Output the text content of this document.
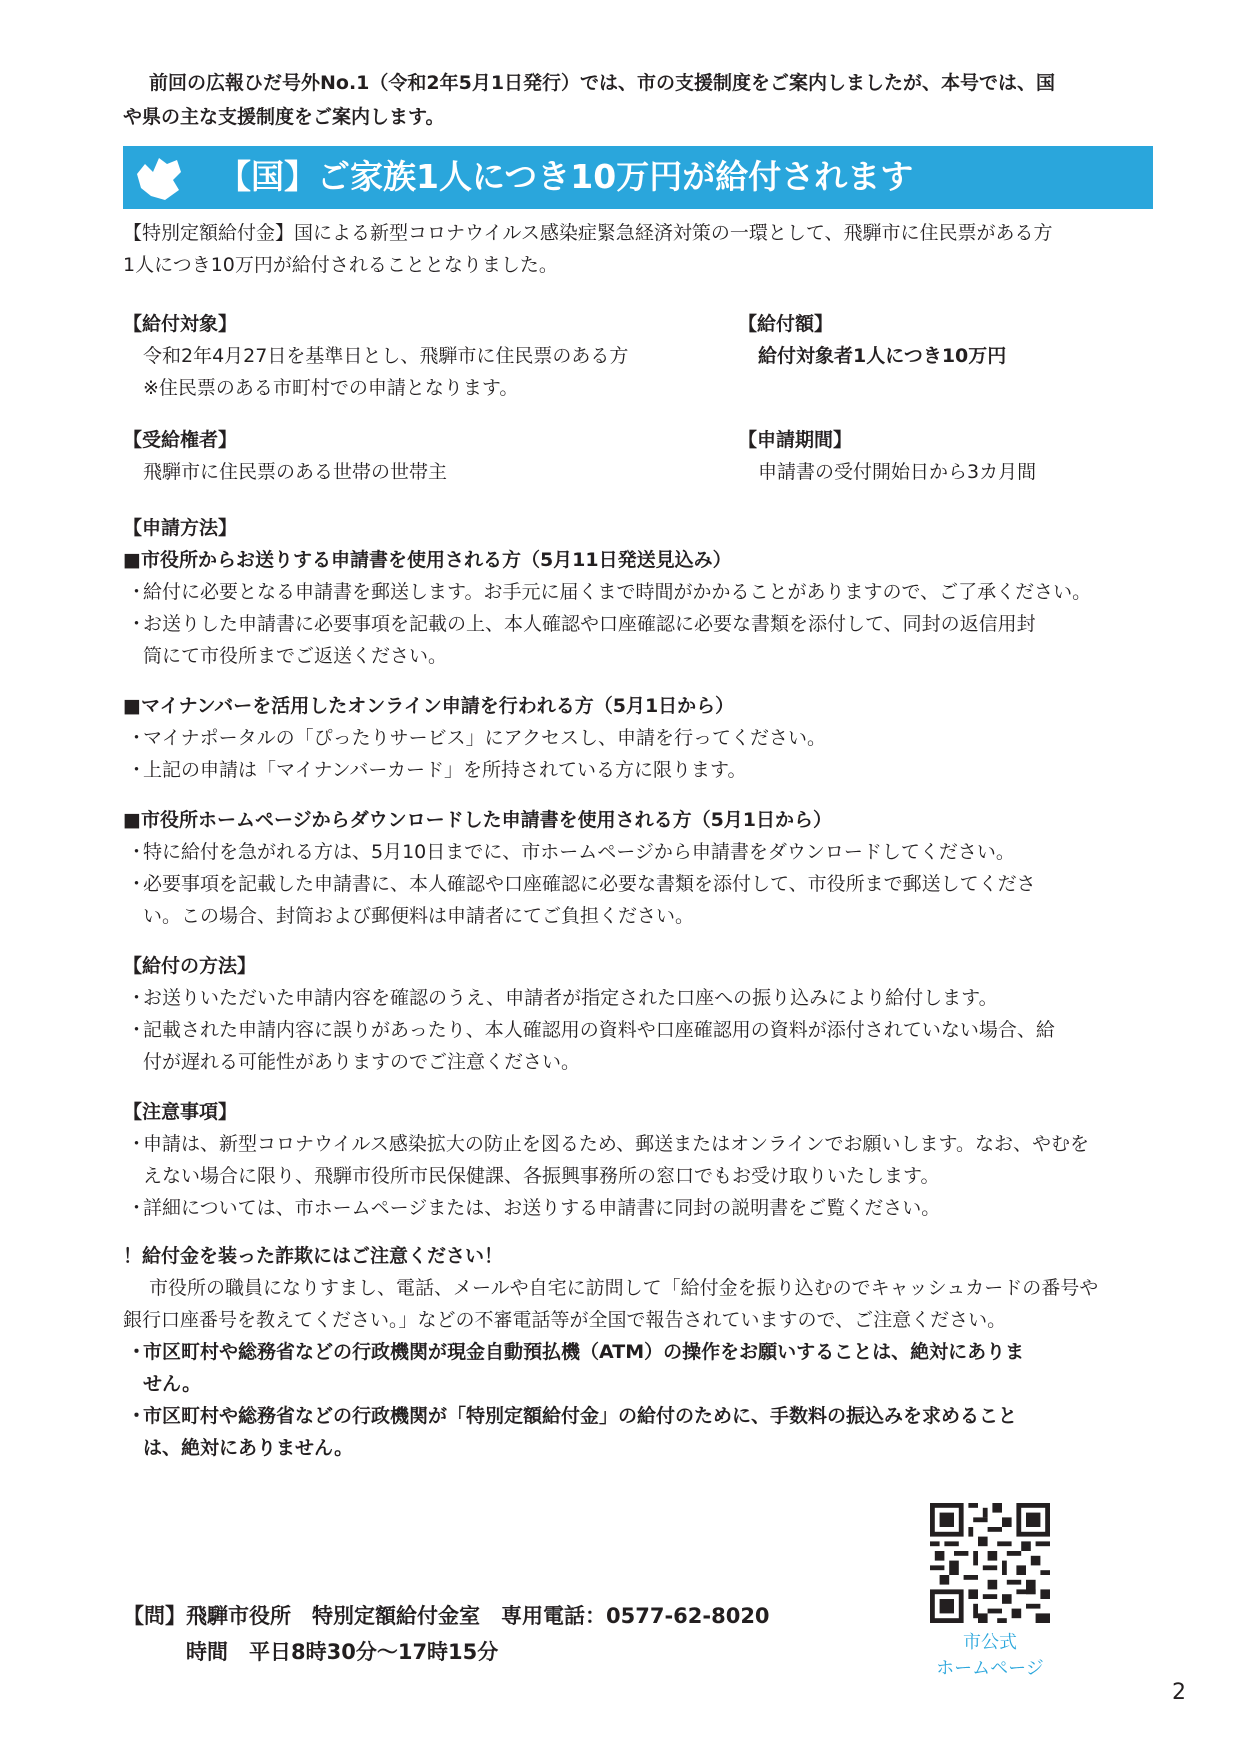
前回の広報ひだ号外No.1（令和2年5月1日発行）では、市の支援制度をご案内しましたが、本号では、国

や県の主な支援制度をご案内します。

【国】ご家族1人につき10万円が給付されます

【特別定額給付金】国による新型コロナウイルス感染症緊急経済対策の一環として、飛騨市に住民票がある方

1人につき10万円が給付されることとなりました。

【給付対象】

令和2年4月27日を基準日とし、飛騨市に住民票のある方

※住民票のある市町村での申請となります。

【給付額】

給付対象者1人につき10万円

【受給権者】

飛騨市に住民票のある世帯の世帯主

【申請期間】

申請書の受付開始日から3カ月間

【申請方法】

■市役所からお送りする申請書を使用される方（5月11日発送見込み）

・
給付に必要となる申請書を郵送します。お手元に届くまで時間がかかることがありますので、ご了承ください。

・
お送りした申請書に必要事項を記載の上、本人確認や口座確認に必要な書類を添付して、同封の返信用封

筒にて市役所までご返送ください。

■マイナンバーを活用したオンライン申請を行われる方（5月1日から）

・
マイナポータルの「ぴったりサービス」にアクセスし、申請を行ってください。

・
上記の申請は「マイナンバーカード」を所持されている方に限ります。

■市役所ホームページからダウンロードした申請書を使用される方（5月1日から）

・
特に給付を急がれる方は、5月10日までに、市ホームページから申請書をダウンロードしてください。

・
必要事項を記載した申請書に、本人確認や口座確認に必要な書類を添付して、市役所まで郵送してくださ

い。この場合、封筒および郵便料は申請者にてご負担ください。

【給付の方法】

・
お送りいただいた申請内容を確認のうえ、申請者が指定された口座への振り込みにより給付します。

・
記載された申請内容に誤りがあったり、本人確認用の資料や口座確認用の資料が添付されていない場合、給

付が遅れる可能性がありますのでご注意ください。

【注意事項】

・
申請は、新型コロナウイルス感染拡大の防止を図るため、郵送またはオンラインでお願いします。なお、やむを

えない場合に限り、飛騨市役所市民保健課、各振興事務所の窓口でもお受け取りいたします。

・
詳細については、市ホームページまたは、お送りする申請書に同封の説明書をご覧ください。

！給付金を装った詐欺にはご注意ください！

市役所の職員になりすまし、電話、メールや自宅に訪問して「給付金を振り込むのでキャッシュカードの番号や

銀行口座番号を教えてください。」などの不審電話等が全国で報告されていますので、ご注意ください。

・
市区町村や総務省などの行政機関が現金自動預払機（ATM）の操作をお願いすることは、絶対にありま

せん。

・
市区町村や総務省などの行政機関が「特別定額給付金」の給付のために、手数料の振込みを求めること

は、絶対にありません。

市公式
ホームページ

【問】飛騨市役所　特別定額給付金室　専用電話：0577-62-8020

　　　時間　平日8時30分～17時15分

2
